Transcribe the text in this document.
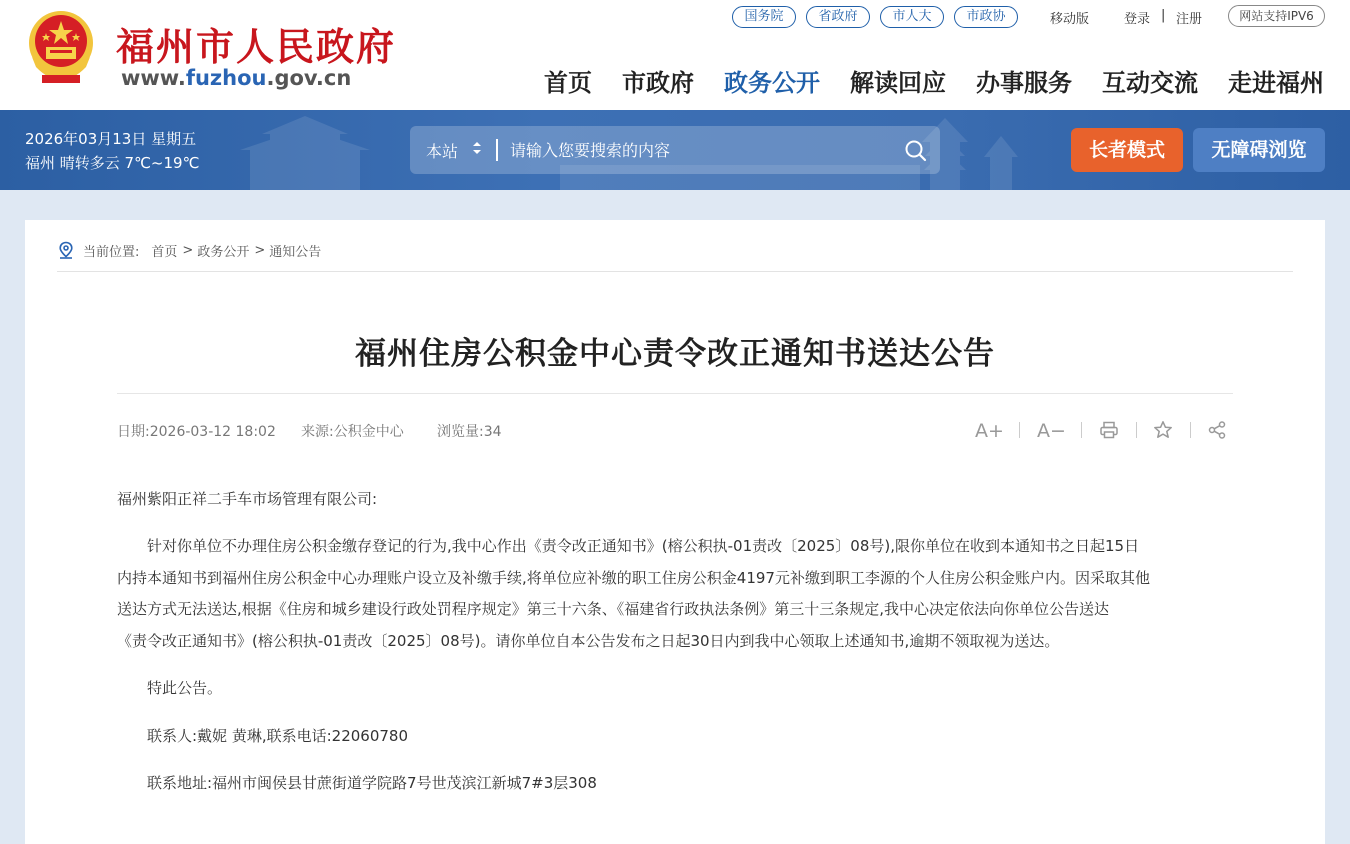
福州市人民政府
www.fuzhou.gov.cn
国务院	省政府	市人大	市政协	移动版	登录 | 注册	网站支持IPV6
首页 市政府 政务公开 解读回应 办事服务 互动交流 走进福州
2026年03月13日 星期五
福州 晴转多云 7℃~19℃
本站
请输入您要搜索的内容	长者模式	无障碍浏览
当前位置: 首页 > 政务公开 > 通知公告
福州住房公积金中心责令改正通知书送达公告
日期:2026-03-12 18:02 来源:公积金中心 浏览量:34	A+ A−
福州紫阳正祥二手车市场管理有限公司:
　　针对你单位不办理住房公积金缴存登记的行为,我中心作出《责令改正通知书》(榕公积执-01责改〔2025〕08号),限你单位在收到本通知书之日起15日
内持本通知书到福州住房公积金中心办理账户设立及补缴手续,将单位应补缴的职工住房公积金4197元补缴到职工李源的个人住房公积金账户内。因采取其他
送达方式无法送达,根据《住房和城乡建设行政处罚程序规定》第三十六条、《福建省行政执法条例》第三十三条规定,我中心决定依法向你单位公告送达
《责令改正通知书》(榕公积执-01责改〔2025〕08号)。请你单位自本公告发布之日起30日内到我中心领取上述通知书,逾期不领取视为送达。
　　特此公告。
　　联系人:戴妮 黄琳,联系电话:22060780
　　联系地址:福州市闽侯县甘蔗街道学院路7号世茂滨江新城7#3层308
